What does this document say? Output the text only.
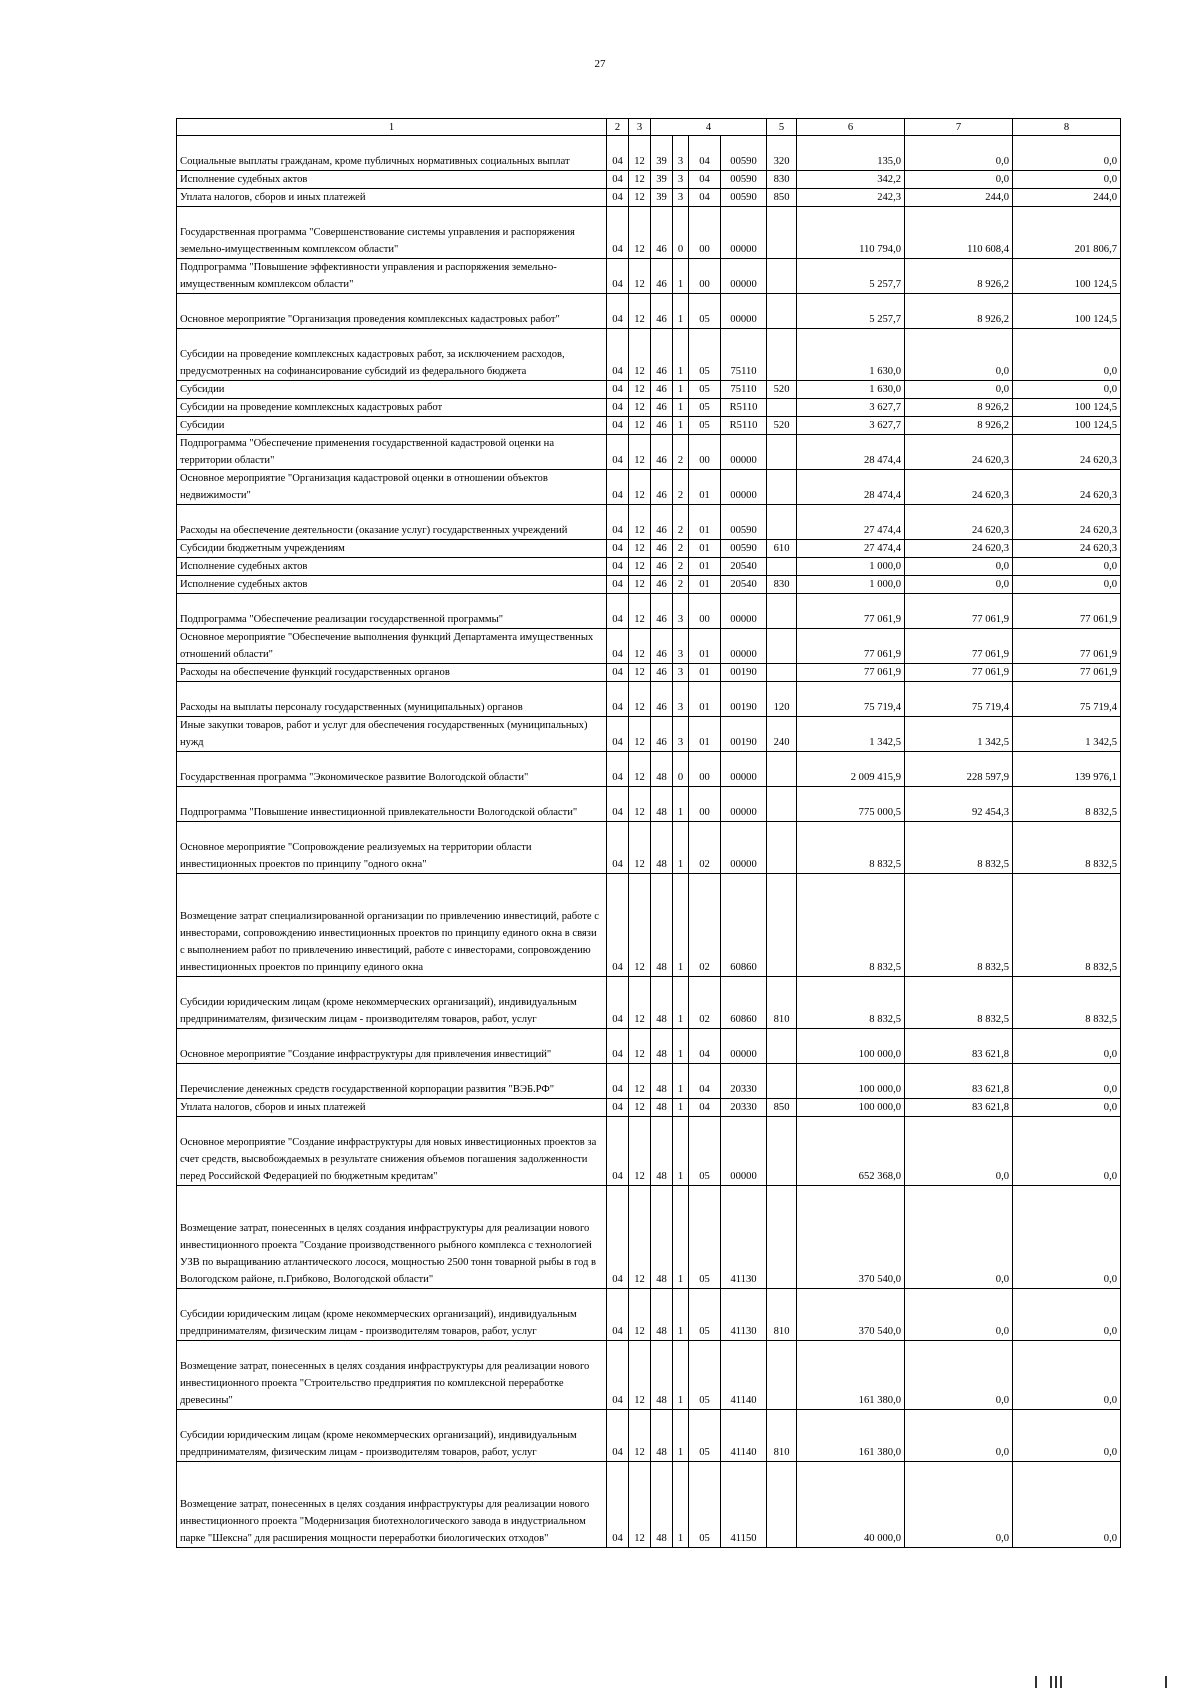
27
1	2	3	4				5	6	7	8
Социальные выплаты гражданам, кроме публичных нормативных социальных выплат	04	12	39	3	04	00590	320	135,0	0,0	0,0
Исполнение судебных актов	04	12	39	3	04	00590	830	342,2	0,0	0,0
Уплата налогов, сборов и иных платежей	04	12	39	3	04	00590	850	242,3	244,0	244,0
Государственная программа "Совершенствование системы управления и распоряжения земельно-имущественным комплексом области"	04	12	46	0	00	00000		110 794,0	110 608,4	201 806,7
Подпрограмма "Повышение эффективности управления и распоряжения земельно-имущественным комплексом области"	04	12	46	1	00	00000		5 257,7	8 926,2	100 124,5
Основное мероприятие "Организация проведения комплексных кадастровых работ"	04	12	46	1	05	00000		5 257,7	8 926,2	100 124,5
Субсидии на проведение комплексных кадастровых работ, за исключением расходов, предусмотренных на софинансирование субсидий из федерального бюджета	04	12	46	1	05	75110		1 630,0	0,0	0,0
Субсидии	04	12	46	1	05	75110	520	1 630,0	0,0	0,0
Субсидии на проведение комплексных кадастровых работ	04	12	46	1	05	R5110		3 627,7	8 926,2	100 124,5
Субсидии	04	12	46	1	05	R5110	520	3 627,7	8 926,2	100 124,5
Подпрограмма "Обеспечение применения государственной кадастровой оценки на территории области"	04	12	46	2	00	00000		28 474,4	24 620,3	24 620,3
Основное мероприятие "Организация кадастровой оценки в отношении объектов недвижимости"	04	12	46	2	01	00000		28 474,4	24 620,3	24 620,3
Расходы на обеспечение деятельности (оказание услуг) государственных учреждений	04	12	46	2	01	00590		27 474,4	24 620,3	24 620,3
Субсидии бюджетным учреждениям	04	12	46	2	01	00590	610	27 474,4	24 620,3	24 620,3
Исполнение судебных актов	04	12	46	2	01	20540		1 000,0	0,0	0,0
Исполнение судебных актов	04	12	46	2	01	20540	830	1 000,0	0,0	0,0
Подпрограмма "Обеспечение реализации государственной программы"	04	12	46	3	00	00000		77 061,9	77 061,9	77 061,9
Основное мероприятие "Обеспечение выполнения функций Департамента имущественных отношений области"	04	12	46	3	01	00000		77 061,9	77 061,9	77 061,9
Расходы на обеспечение функций государственных органов	04	12	46	3	01	00190		77 061,9	77 061,9	77 061,9
Расходы на выплаты персоналу государственных (муниципальных) органов	04	12	46	3	01	00190	120	75 719,4	75 719,4	75 719,4
Иные закупки товаров, работ и услуг для обеспечения государственных (муниципальных) нужд	04	12	46	3	01	00190	240	1 342,5	1 342,5	1 342,5
Государственная программа "Экономическое развитие Вологодской области"	04	12	48	0	00	00000		2 009 415,9	228 597,9	139 976,1
Подпрограмма "Повышение инвестиционной привлекательности Вологодской области"	04	12	48	1	00	00000		775 000,5	92 454,3	8 832,5
Основное мероприятие "Сопровождение реализуемых на территории области инвестиционных проектов по принципу "одного окна"	04	12	48	1	02	00000		8 832,5	8 832,5	8 832,5
Возмещение затрат специализированной организации по привлечению инвестиций, работе с инвесторами, сопровождению инвестиционных проектов по принципу единого окна в связи с выполнением работ по привлечению инвестиций, работе с инвесторами, сопровождению инвестиционных проектов по принципу единого окна	04	12	48	1	02	60860		8 832,5	8 832,5	8 832,5
Субсидии юридическим лицам (кроме некоммерческих организаций), индивидуальным предпринимателям, физическим лицам - производителям товаров, работ, услуг	04	12	48	1	02	60860	810	8 832,5	8 832,5	8 832,5
Основное мероприятие "Создание инфраструктуры для привлечения инвестиций"	04	12	48	1	04	00000		100 000,0	83 621,8	0,0
Перечисление денежных средств государственной корпорации развития "ВЭБ.РФ"	04	12	48	1	04	20330		100 000,0	83 621,8	0,0
Уплата налогов, сборов и иных платежей	04	12	48	1	04	20330	850	100 000,0	83 621,8	0,0
Основное мероприятие "Создание инфраструктуры для новых инвестиционных проектов за счет средств, высвобождаемых в результате снижения объемов погашения задолженности перед Российской Федерацией по бюджетным кредитам"	04	12	48	1	05	00000		652 368,0	0,0	0,0
Возмещение затрат, понесенных в целях создания инфраструктуры для реализации нового инвестиционного проекта "Создание производственного рыбного комплекса с технологией УЗВ по выращиванию атлантического лосося, мощностью 2500 тонн товарной рыбы в год в Вологодском районе, п.Грибково, Вологодской области"	04	12	48	1	05	41130		370 540,0	0,0	0,0
Субсидии юридическим лицам (кроме некоммерческих организаций), индивидуальным предпринимателям, физическим лицам - производителям товаров, работ, услуг	04	12	48	1	05	41130	810	370 540,0	0,0	0,0
Возмещение затрат, понесенных в целях создания инфраструктуры для реализации нового инвестиционного проекта "Строительство предприятия по комплексной переработке древесины"	04	12	48	1	05	41140		161 380,0	0,0	0,0
Субсидии юридическим лицам (кроме некоммерческих организаций), индивидуальным предпринимателям, физическим лицам - производителям товаров, работ, услуг	04	12	48	1	05	41140	810	161 380,0	0,0	0,0
Возмещение затрат, понесенных в целях создания инфраструктуры для реализации нового инвестиционного проекта "Модернизация биотехнологического завода в индустриальном парке "Шексна" для расширения мощности переработки биологических отходов"	04	12	48	1	05	41150		40 000,0	0,0	0,0
